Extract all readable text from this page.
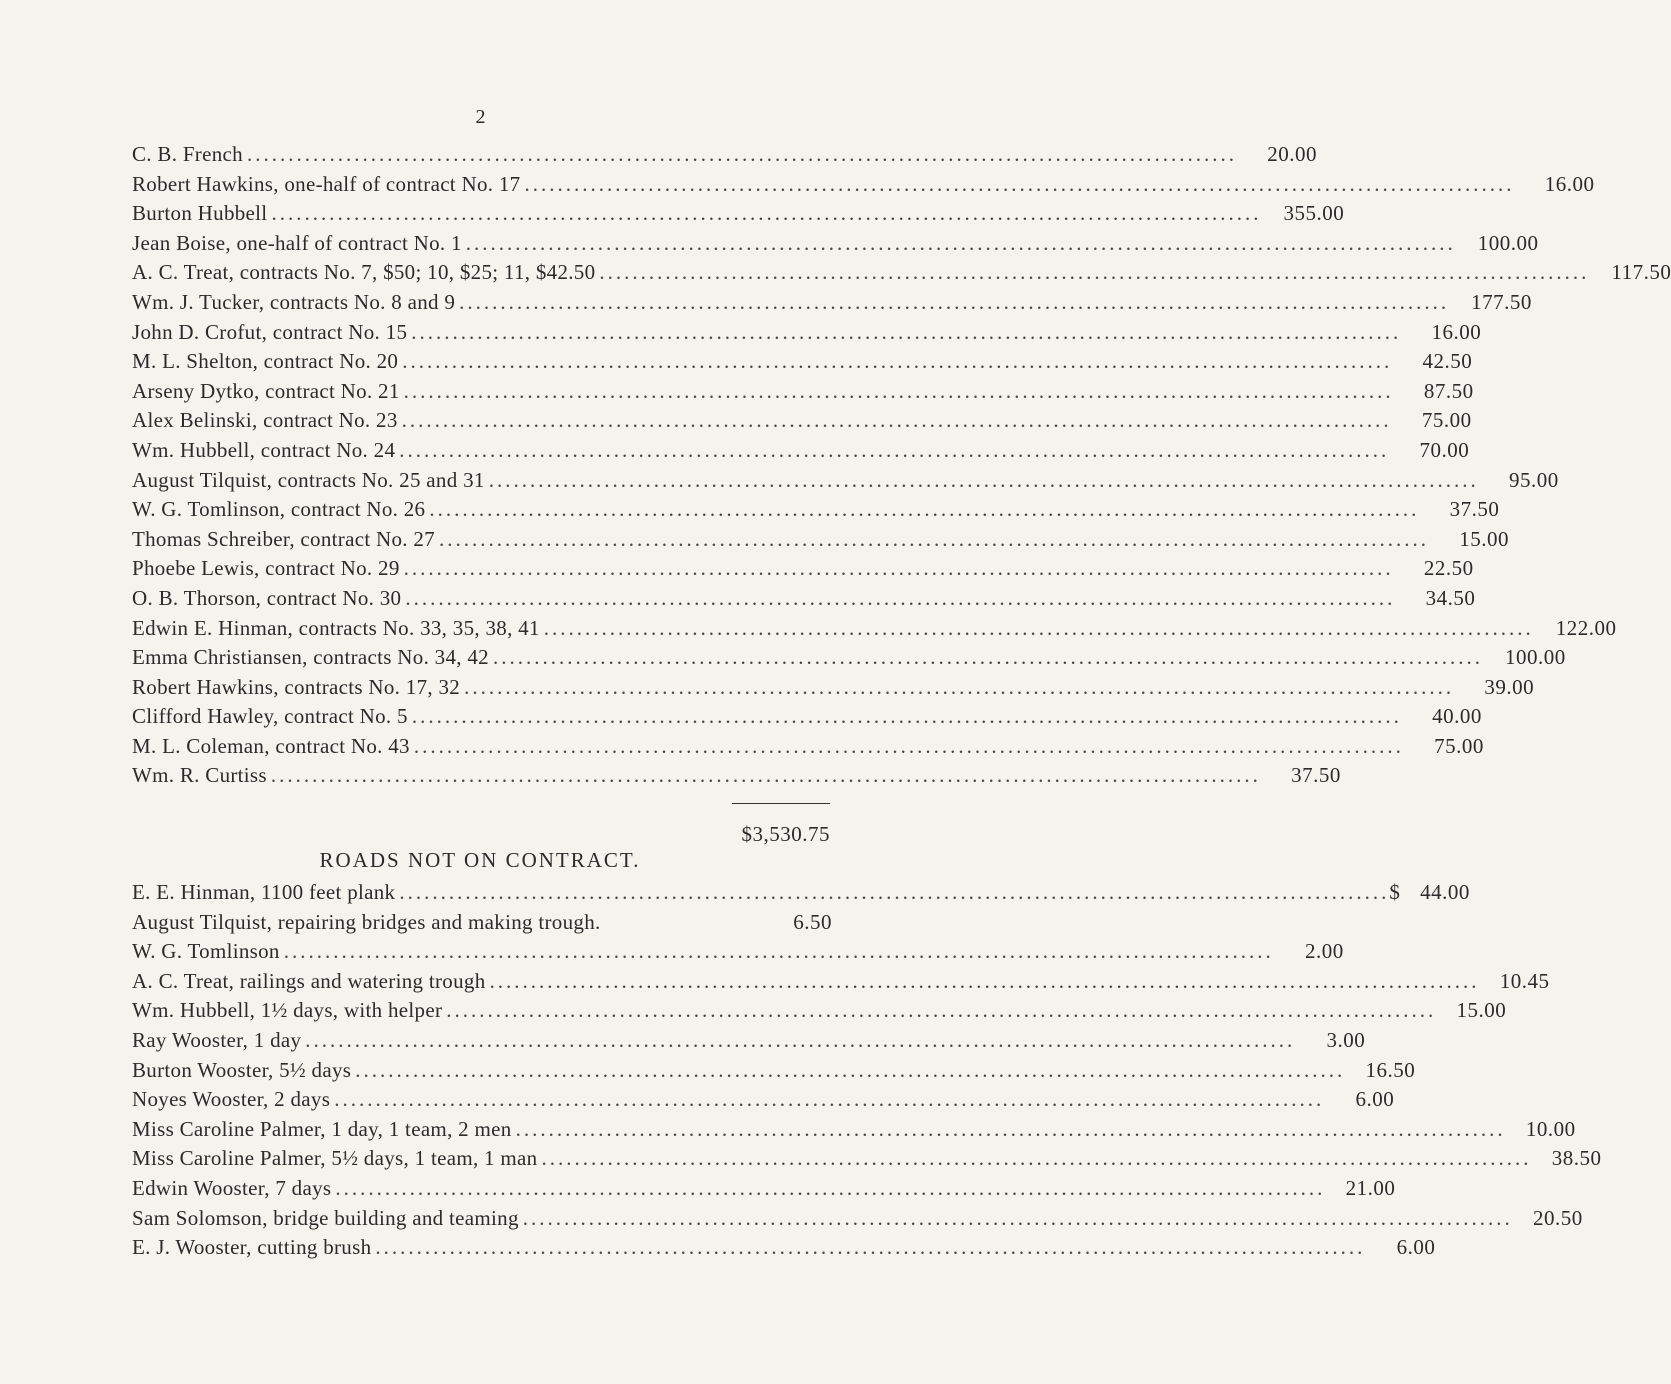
2
C. B. French ........................................................................................................................	20.00
Robert Hawkins, one-half of contract No. 17 ........................................................................................................................	16.00
Burton Hubbell ........................................................................................................................ 355.00
Jean Boise, one-half of contract No. 1 ........................................................................................................................ 100.00
A. C. Treat, contracts No. 7, $50; 10, $25; 11, $42.50 ........................................................................................................................ 117.50
Wm. J. Tucker, contracts No. 8 and 9 ........................................................................................................................ 177.50
John D. Crofut, contract No. 15 ........................................................................................................................	16.00
M. L. Shelton, contract No. 20 ........................................................................................................................	42.50
Arseny Dytko, contract No. 21 ........................................................................................................................	87.50
Alex Belinski, contract No. 23 ........................................................................................................................	75.00
Wm. Hubbell, contract No. 24 ........................................................................................................................	70.00
August Tilquist, contracts No. 25 and 31 ........................................................................................................................	95.00
W. G. Tomlinson, contract No. 26 ........................................................................................................................	37.50
Thomas Schreiber, contract No. 27 ........................................................................................................................	15.00
Phoebe Lewis, contract No. 29 ........................................................................................................................	22.50
O. B. Thorson, contract No. 30 ........................................................................................................................	34.50
Edwin E. Hinman, contracts No. 33, 35, 38, 41 ........................................................................................................................ 122.00
Emma Christiansen, contracts No. 34, 42 ........................................................................................................................ 100.00
Robert Hawkins, contracts No. 17, 32 ........................................................................................................................	39.00
Clifford Hawley, contract No. 5 ........................................................................................................................	40.00
M. L. Coleman, contract No. 43 ........................................................................................................................	75.00
Wm. R. Curtiss ........................................................................................................................	37.50
$3,530.75
ROADS NOT ON CONTRACT.
E. E. Hinman, 1100 feet plank ........................................................................................................................ $ 44.00
August Tilquist, repairing bridges and making trough.	6.50
W. G. Tomlinson ........................................................................................................................	2.00
A. C. Treat, railings and watering trough ........................................................................................................................ 10.45
Wm. Hubbell, 1½ days, with helper ........................................................................................................................ 15.00
Ray Wooster, 1 day ........................................................................................................................	3.00
Burton Wooster, 5½ days ........................................................................................................................ 16.50
Noyes Wooster, 2 days ........................................................................................................................	6.00
Miss Caroline Palmer, 1 day, 1 team, 2 men ........................................................................................................................ 10.00
Miss Caroline Palmer, 5½ days, 1 team, 1 man ........................................................................................................................ 38.50
Edwin Wooster, 7 days ........................................................................................................................ 21.00
Sam Solomson, bridge building and teaming ........................................................................................................................ 20.50
E. J. Wooster, cutting brush ........................................................................................................................	6.00
